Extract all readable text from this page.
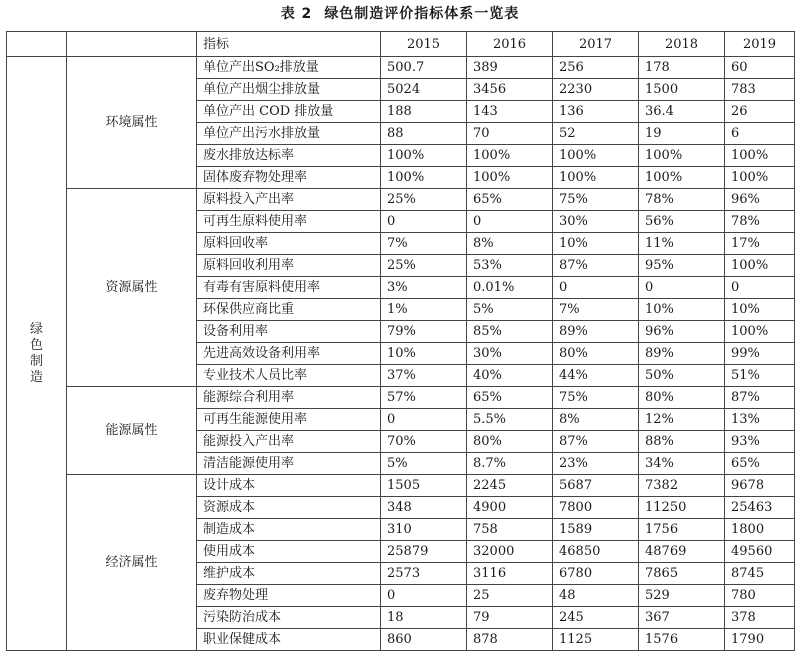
表 2 绿色制造评价指标体系一览表
		指标	2015	2016	2017	2018	2019
绿色制造	环境属性	单位产出SO₂排放量	500.7	389	256	178	60
		单位产出烟尘排放量	5024	3456	2230	1500	783
		单位产出 COD 排放量	188	143	136	36.4	26
		单位产出污水排放量	88	70	52	19	6
		废水排放达标率	100%	100%	100%	100%	100%
		固体废弃物处理率	100%	100%	100%	100%	100%
	资源属性	原料投入产出率	25%	65%	75%	78%	96%
		可再生原料使用率	0	0	30%	56%	78%
		原料回收率	7%	8%	10%	11%	17%
		原料回收利用率	25%	53%	87%	95%	100%
		有毒有害原料使用率	3%	0.01%	0	0	0
		环保供应商比重	1%	5%	7%	10%	10%
		设备利用率	79%	85%	89%	96%	100%
		先进高效设备利用率	10%	30%	80%	89%	99%
		专业技术人员比率	37%	40%	44%	50%	51%
	能源属性	能源综合利用率	57%	65%	75%	80%	87%
		可再生能源使用率	0	5.5%	8%	12%	13%
		能源投入产出率	70%	80%	87%	88%	93%
		清洁能源使用率	5%	8.7%	23%	34%	65%
	经济属性	设计成本	1505	2245	5687	7382	9678
		资源成本	348	4900	7800	11250	25463
		制造成本	310	758	1589	1756	1800
		使用成本	25879	32000	46850	48769	49560
		维护成本	2573	3116	6780	7865	8745
		废弃物处理	0	25	48	529	780
		污染防治成本	18	79	245	367	378
		职业保健成本	860	878	1125	1576	1790
